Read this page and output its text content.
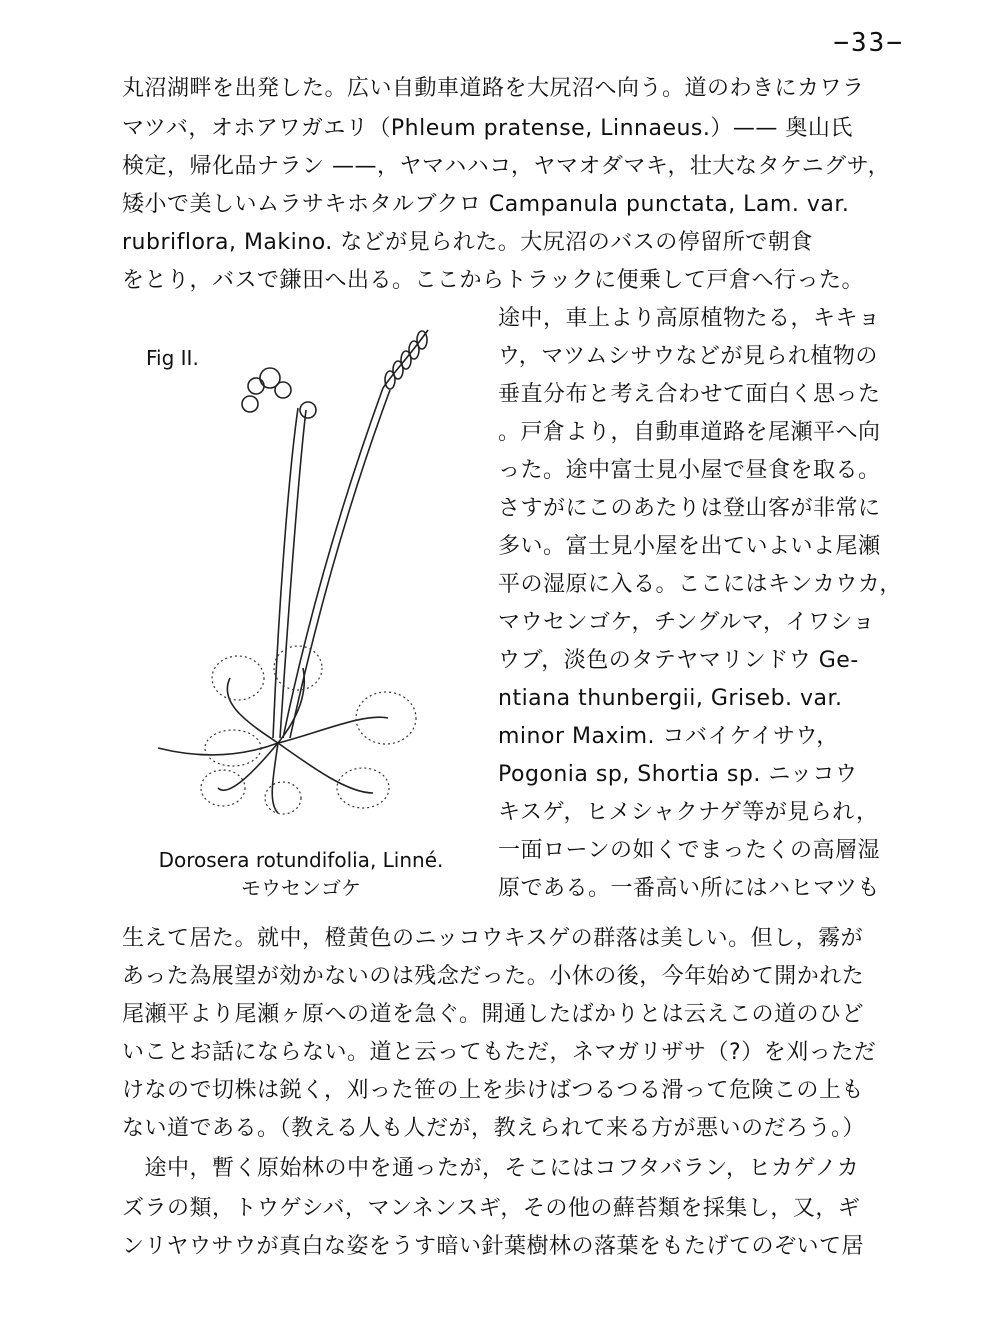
−33−
丸沼湖畔を出発した。広い自動車道路を大尻沼へ向う。道のわきにカワラ
マツバ，オホアワガエリ（Phleum pratense, Linnaeus.）—— 奥山氏
検定，帰化品ナラン ——，ヤマハハコ，ヤマオダマキ，壮大なタケニグサ，
矮小で美しいムラサキホタルブクロ Campanula punctata, Lam. var.
rubriflora, Makino. などが見られた。大尻沼のバスの停留所で朝食
をとり，バスで鎌田へ出る。ここからトラックに便乗して戸倉へ行った。
Fig II.
Dorosera rotundifolia, Linné.
モウセンゴケ
途中，車上より高原植物たる，キキョ
ウ，マツムシサウなどが見られ植物の
垂直分布と考え合わせて面白く思った
。戸倉より，自動車道路を尾瀬平へ向
った。途中富士見小屋で昼食を取る。
さすがにこのあたりは登山客が非常に
多い。富士見小屋を出ていよいよ尾瀬
平の湿原に入る。ここにはキンカウカ，
マウセンゴケ，チングルマ，イワショ
ウブ，淡色のタテヤマリンドウ Ge-
ntiana thunbergii, Griseb. var.
minor Maxim. コバイケイサウ，
Pogonia sp, Shortia sp. ニッコウ
キスゲ，ヒメシャクナゲ等が見られ，
一面ローンの如くでまったくの高層湿
原である。一番高い所にはハヒマツも
生えて居た。就中，橙黄色のニッコウキスゲの群落は美しい。但し，霧が
あった為展望が効かないのは残念だった。小休の後，今年始めて開かれた
尾瀬平より尾瀬ヶ原への道を急ぐ。開通したばかりとは云えこの道のひど
いことお話にならない。道と云ってもただ，ネマガリザサ（?）を刈っただ
けなので切株は鋭く，刈った笹の上を歩けばつるつる滑って危険この上も
ない道である。（教える人も人だが，教えられて来る方が悪いのだろう。）
　途中，暫く原始林の中を通ったが，そこにはコフタバラン，ヒカゲノカ
ズラの類，トウゲシバ，マンネンスギ，その他の蘚苔類を採集し，又，ギ
ンリヤウサウが真白な姿をうす暗い針葉樹林の落葉をもたげてのぞいて居
